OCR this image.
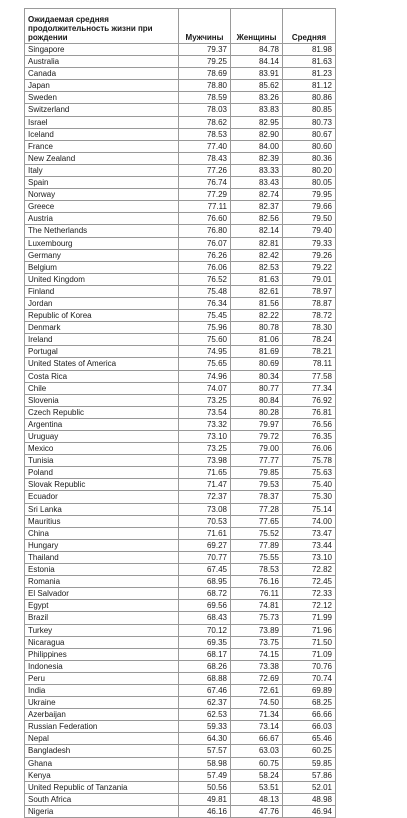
Ожидаемая средняя продолжительность жизни при рождении	Мужчины	Женщины	Средняя
Singapore	79.37	84.78	81.98
Australia	79.25	84.14	81.63
Canada	78.69	83.91	81.23
Japan	78.80	85.62	81.12
Sweden	78.59	83.26	80.86
Switzerland	78.03	83.83	80.85
Israel	78.62	82.95	80.73
Iceland	78.53	82.90	80.67
France	77.40	84.00	80.60
New Zealand	78.43	82.39	80.36
Italy	77.26	83.33	80.20
Spain	76.74	83.43	80.05
Norway	77.29	82.74	79.95
Greece	77.11	82.37	79.66
Austria	76.60	82.56	79.50
The Netherlands	76.80	82.14	79.40
Luxembourg	76.07	82.81	79.33
Germany	76.26	82.42	79.26
Belgium	76.06	82.53	79.22
United Kingdom	76.52	81.63	79.01
Finland	75.48	82.61	78.97
Jordan	76.34	81.56	78.87
Republic of Korea	75.45	82.22	78.72
Denmark	75.96	80.78	78.30
Ireland	75.60	81.06	78.24
Portugal	74.95	81.69	78.21
United States of America	75.65	80.69	78.11
Costa Rica	74.96	80.34	77.58
Chile	74.07	80.77	77.34
Slovenia	73.25	80.84	76.92
Czech Republic	73.54	80.28	76.81
Argentina	73.32	79.97	76.56
Uruguay	73.10	79.72	76.35
Mexico	73.25	79.00	76.06
Tunisia	73.98	77.77	75.78
Poland	71.65	79.85	75.63
Slovak Republic	71.47	79.53	75.40
Ecuador	72.37	78.37	75.30
Sri Lanka	73.08	77.28	75.14
Mauritius	70.53	77.65	74.00
China	71.61	75.52	73.47
Hungary	69.27	77.89	73.44
Thailand	70.77	75.55	73.10
Estonia	67.45	78.53	72.82
Romania	68.95	76.16	72.45
El Salvador	68.72	76.11	72.33
Egypt	69.56	74.81	72.12
Brazil	68.43	75.73	71.99
Turkey	70.12	73.89	71.96
Nicaragua	69.35	73.75	71.50
Philippines	68.17	74.15	71.09
Indonesia	68.26	73.38	70.76
Peru	68.88	72.69	70.74
India	67.46	72.61	69.89
Ukraine	62.37	74.50	68.25
Azerbaijan	62.53	71.34	66.66
Russian Federation	59.33	73.14	66.03
Nepal	64.30	66.67	65.46
Bangladesh	57.57	63.03	60.25
Ghana	58.98	60.75	59.85
Kenya	57.49	58.24	57.86
United Republic of Tanzania	50.56	53.51	52.01
South Africa	49.81	48.13	48.98
Nigeria	46.16	47.76	46.94
